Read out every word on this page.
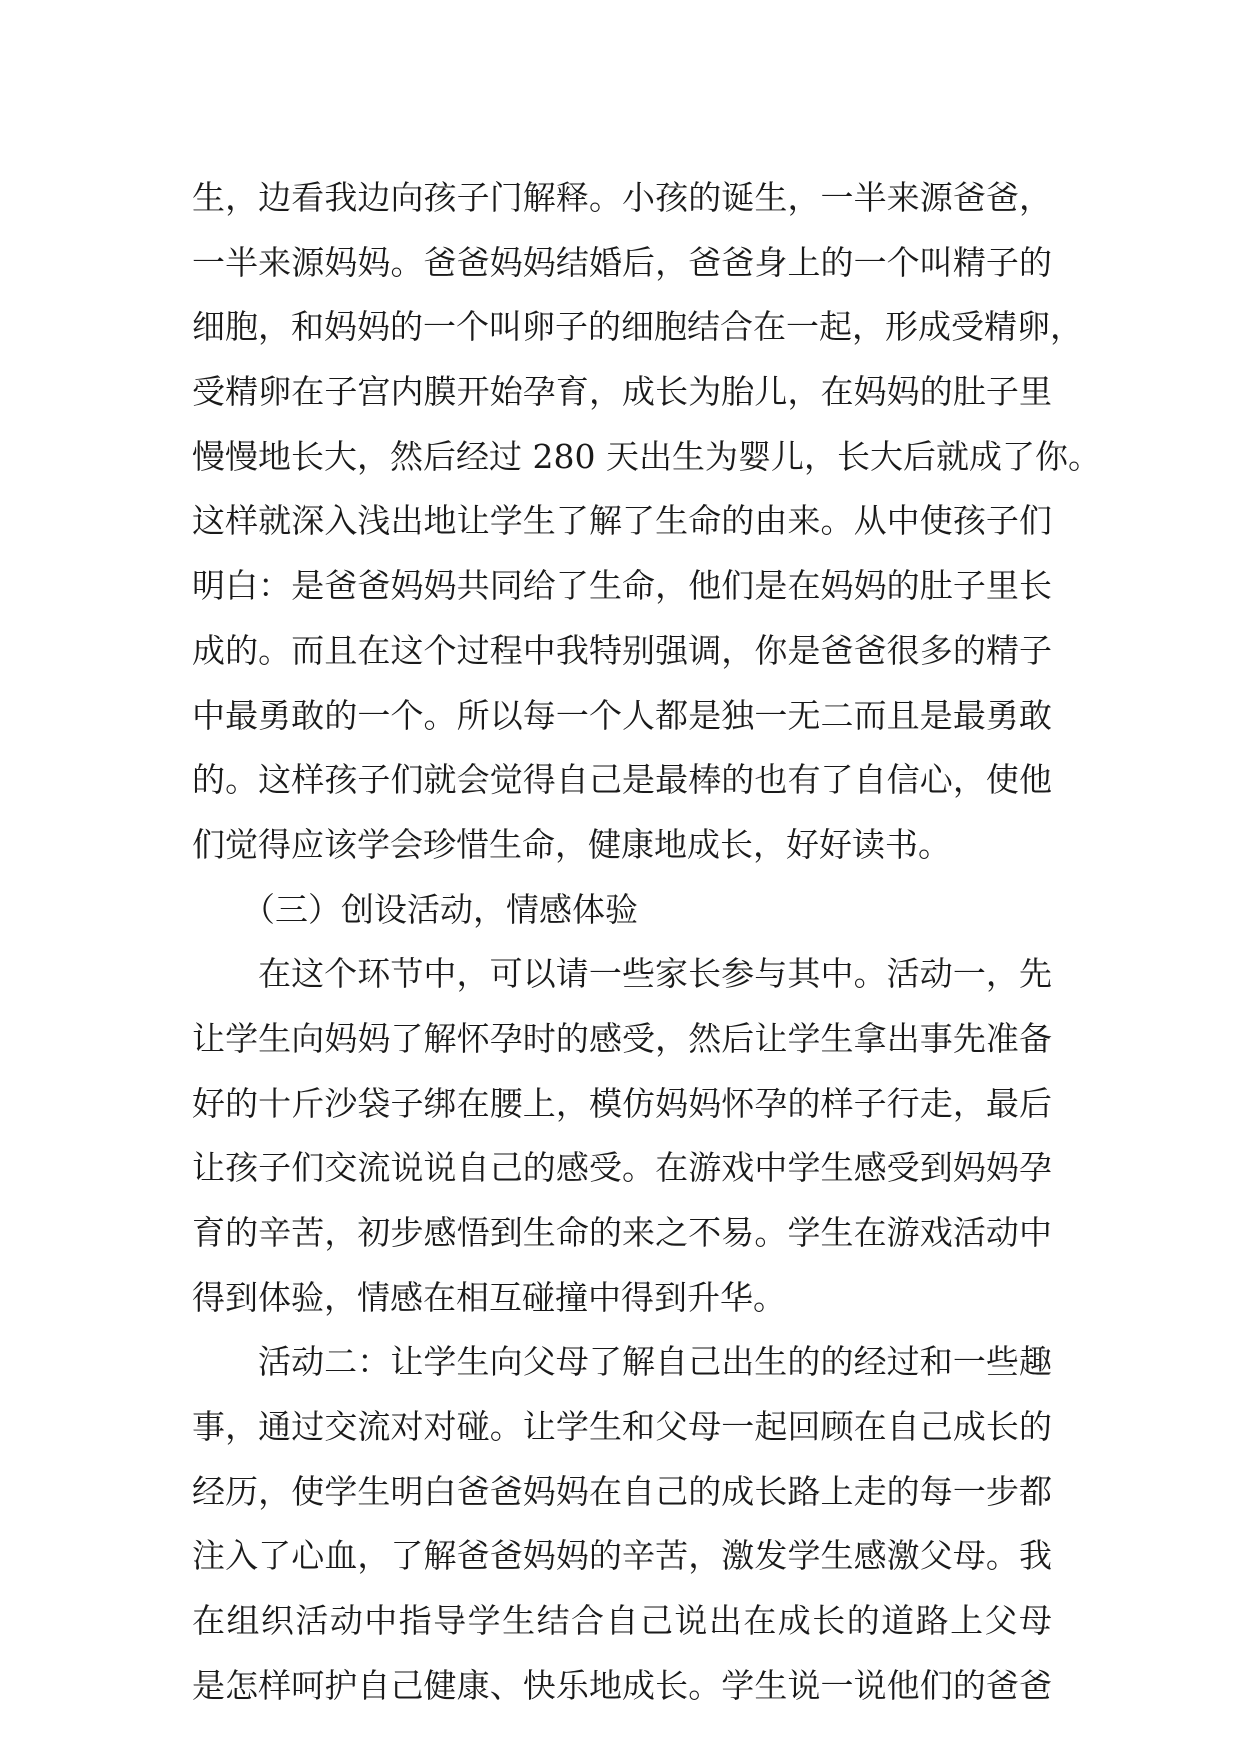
生，边看我边向孩子门解释。小孩的诞生，一半来源爸爸，
一半来源妈妈。爸爸妈妈结婚后，爸爸身上的一个叫精子的
细胞，和妈妈的一个叫卵子的细胞结合在一起，形成受精卵，
受精卵在子宫内膜开始孕育，成长为胎儿，在妈妈的肚子里
慢慢地长大，然后经过 280 天出生为婴儿，长大后就成了你。
这样就深入浅出地让学生了解了生命的由来。从中使孩子们
明白：是爸爸妈妈共同给了生命，他们是在妈妈的肚子里长
成的。而且在这个过程中我特别强调，你是爸爸很多的精子
中最勇敢的一个。所以每一个人都是独一无二而且是最勇敢
的。这样孩子们就会觉得自己是最棒的也有了自信心，使他
们觉得应该学会珍惜生命，健康地成长，好好读书。
（三）创设活动，情感体验
在这个环节中，可以请一些家长参与其中。活动一，先
让学生向妈妈了解怀孕时的感受，然后让学生拿出事先准备
好的十斤沙袋子绑在腰上，模仿妈妈怀孕的样子行走，最后
让孩子们交流说说自己的感受。在游戏中学生感受到妈妈孕
育的辛苦，初步感悟到生命的来之不易。学生在游戏活动中
得到体验，情感在相互碰撞中得到升华。
活动二：让学生向父母了解自己出生的的经过和一些趣
事，通过交流对对碰。让学生和父母一起回顾在自己成长的
经历，使学生明白爸爸妈妈在自己的成长路上走的每一步都
注入了心血，了解爸爸妈妈的辛苦，激发学生感激父母。我
在组织活动中指导学生结合自己说出在成长的道路上父母
是怎样呵护自己健康、快乐地成长。学生说一说他们的爸爸
